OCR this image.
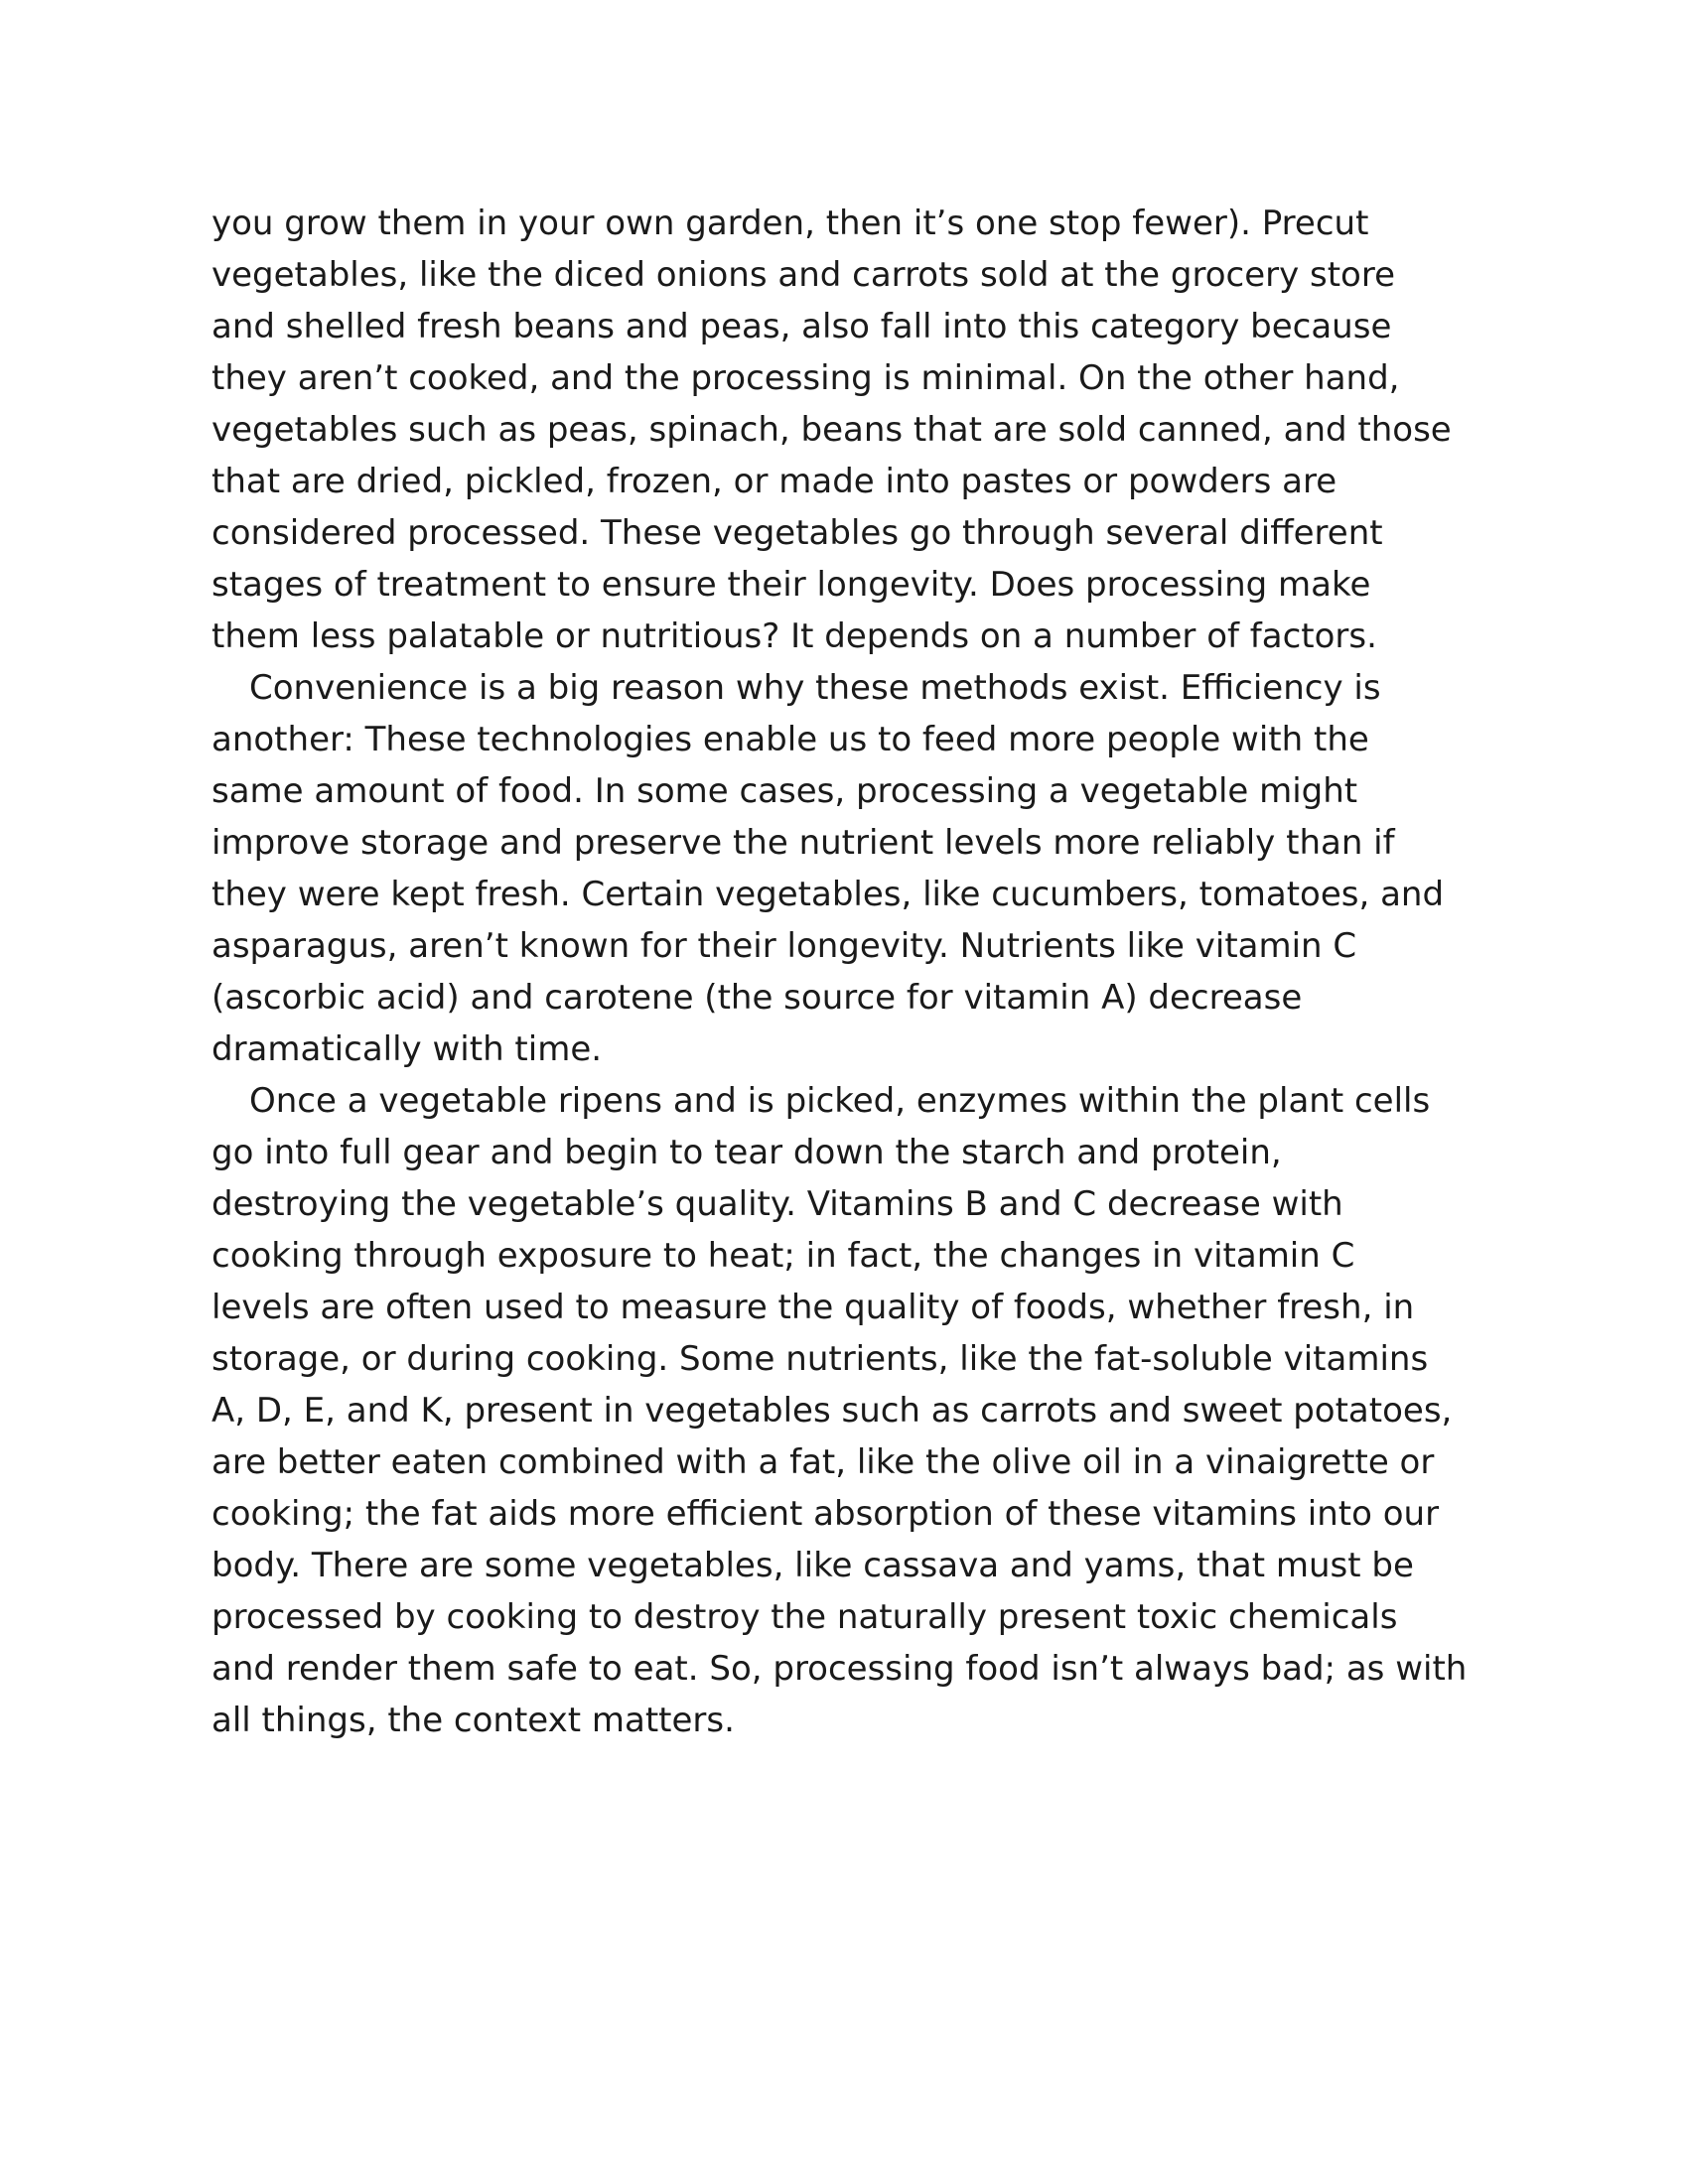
you grow them in your own garden, then it’s one stop fewer). Precut
vegetables, like the diced onions and carrots sold at the grocery store
and shelled fresh beans and peas, also fall into this category because
they aren’t cooked, and the processing is minimal. On the other hand,
vegetables such as peas, spinach, beans that are sold canned, and those
that are dried, pickled, frozen, or made into pastes or powders are
considered processed. These vegetables go through several different
stages of treatment to ensure their longevity. Does processing make
them less palatable or nutritious? It depends on a number of factors.
Convenience is a big reason why these methods exist. Efficiency is
another: These technologies enable us to feed more people with the
same amount of food. In some cases, processing a vegetable might
improve storage and preserve the nutrient levels more reliably than if
they were kept fresh. Certain vegetables, like cucumbers, tomatoes, and
asparagus, aren’t known for their longevity. Nutrients like vitamin C
(ascorbic acid) and carotene (the source for vitamin A) decrease
dramatically with time.
Once a vegetable ripens and is picked, enzymes within the plant cells
go into full gear and begin to tear down the starch and protein,
destroying the vegetable’s quality. Vitamins B and C decrease with
cooking through exposure to heat; in fact, the changes in vitamin C
levels are often used to measure the quality of foods, whether fresh, in
storage, or during cooking. Some nutrients, like the fat-soluble vitamins
A, D, E, and K, present in vegetables such as carrots and sweet potatoes,
are better eaten combined with a fat, like the olive oil in a vinaigrette or
cooking; the fat aids more efficient absorption of these vitamins into our
body. There are some vegetables, like cassava and yams, that must be
processed by cooking to destroy the naturally present toxic chemicals
and render them safe to eat. So, processing food isn’t always bad; as with
all things, the context matters.
